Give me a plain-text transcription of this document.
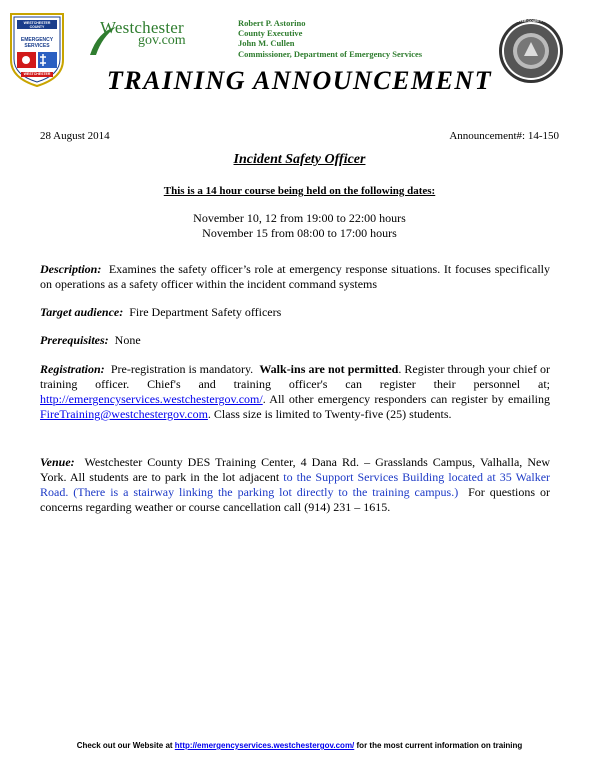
WESTCHESTER COUNTY
EMERGENCY SERVICES
WESTCHESTER
Westchester
gov.com
Robert P. Astorino
County Executive
John M. Cullen
Commissioner, Department of Emergency Services
WESTCHESTER COUNTY NEW YORK
TRAINING ANNOUNCEMENT
28 August 2014	Announcement#: 14-150
Incident Safety Officer
This is a 14 hour course being held on the following dates:
November 10, 12 from 19:00 to 22:00 hours
November 15 from 08:00 to 17:00 hours
Description: Examines the safety officer’s role at emergency response situations. It focuses specifically on operations as a safety officer within the incident command systems
Target audience: Fire Department Safety officers
Prerequisites: None
Registration: Pre-registration is mandatory. Walk-ins are not permitted. Register through your chief or training officer. Chief's and training officer's can register their personnel at; http://emergencyservices.westchestergov.com/. All other emergency responders can register by emailing FireTraining@westchestergov.com. Class size is limited to Twenty-five (25) students.
Venue: Westchester County DES Training Center, 4 Dana Rd. – Grasslands Campus, Valhalla, New York. All students are to park in the lot adjacent to the Support Services Building located at 35 Walker Road. (There is a stairway linking the parking lot directly to the training campus.) For questions or concerns regarding weather or course cancellation call (914) 231 – 1615.
Check out our Website at http://emergencyservices.westchestergov.com/ for the most current information on training
